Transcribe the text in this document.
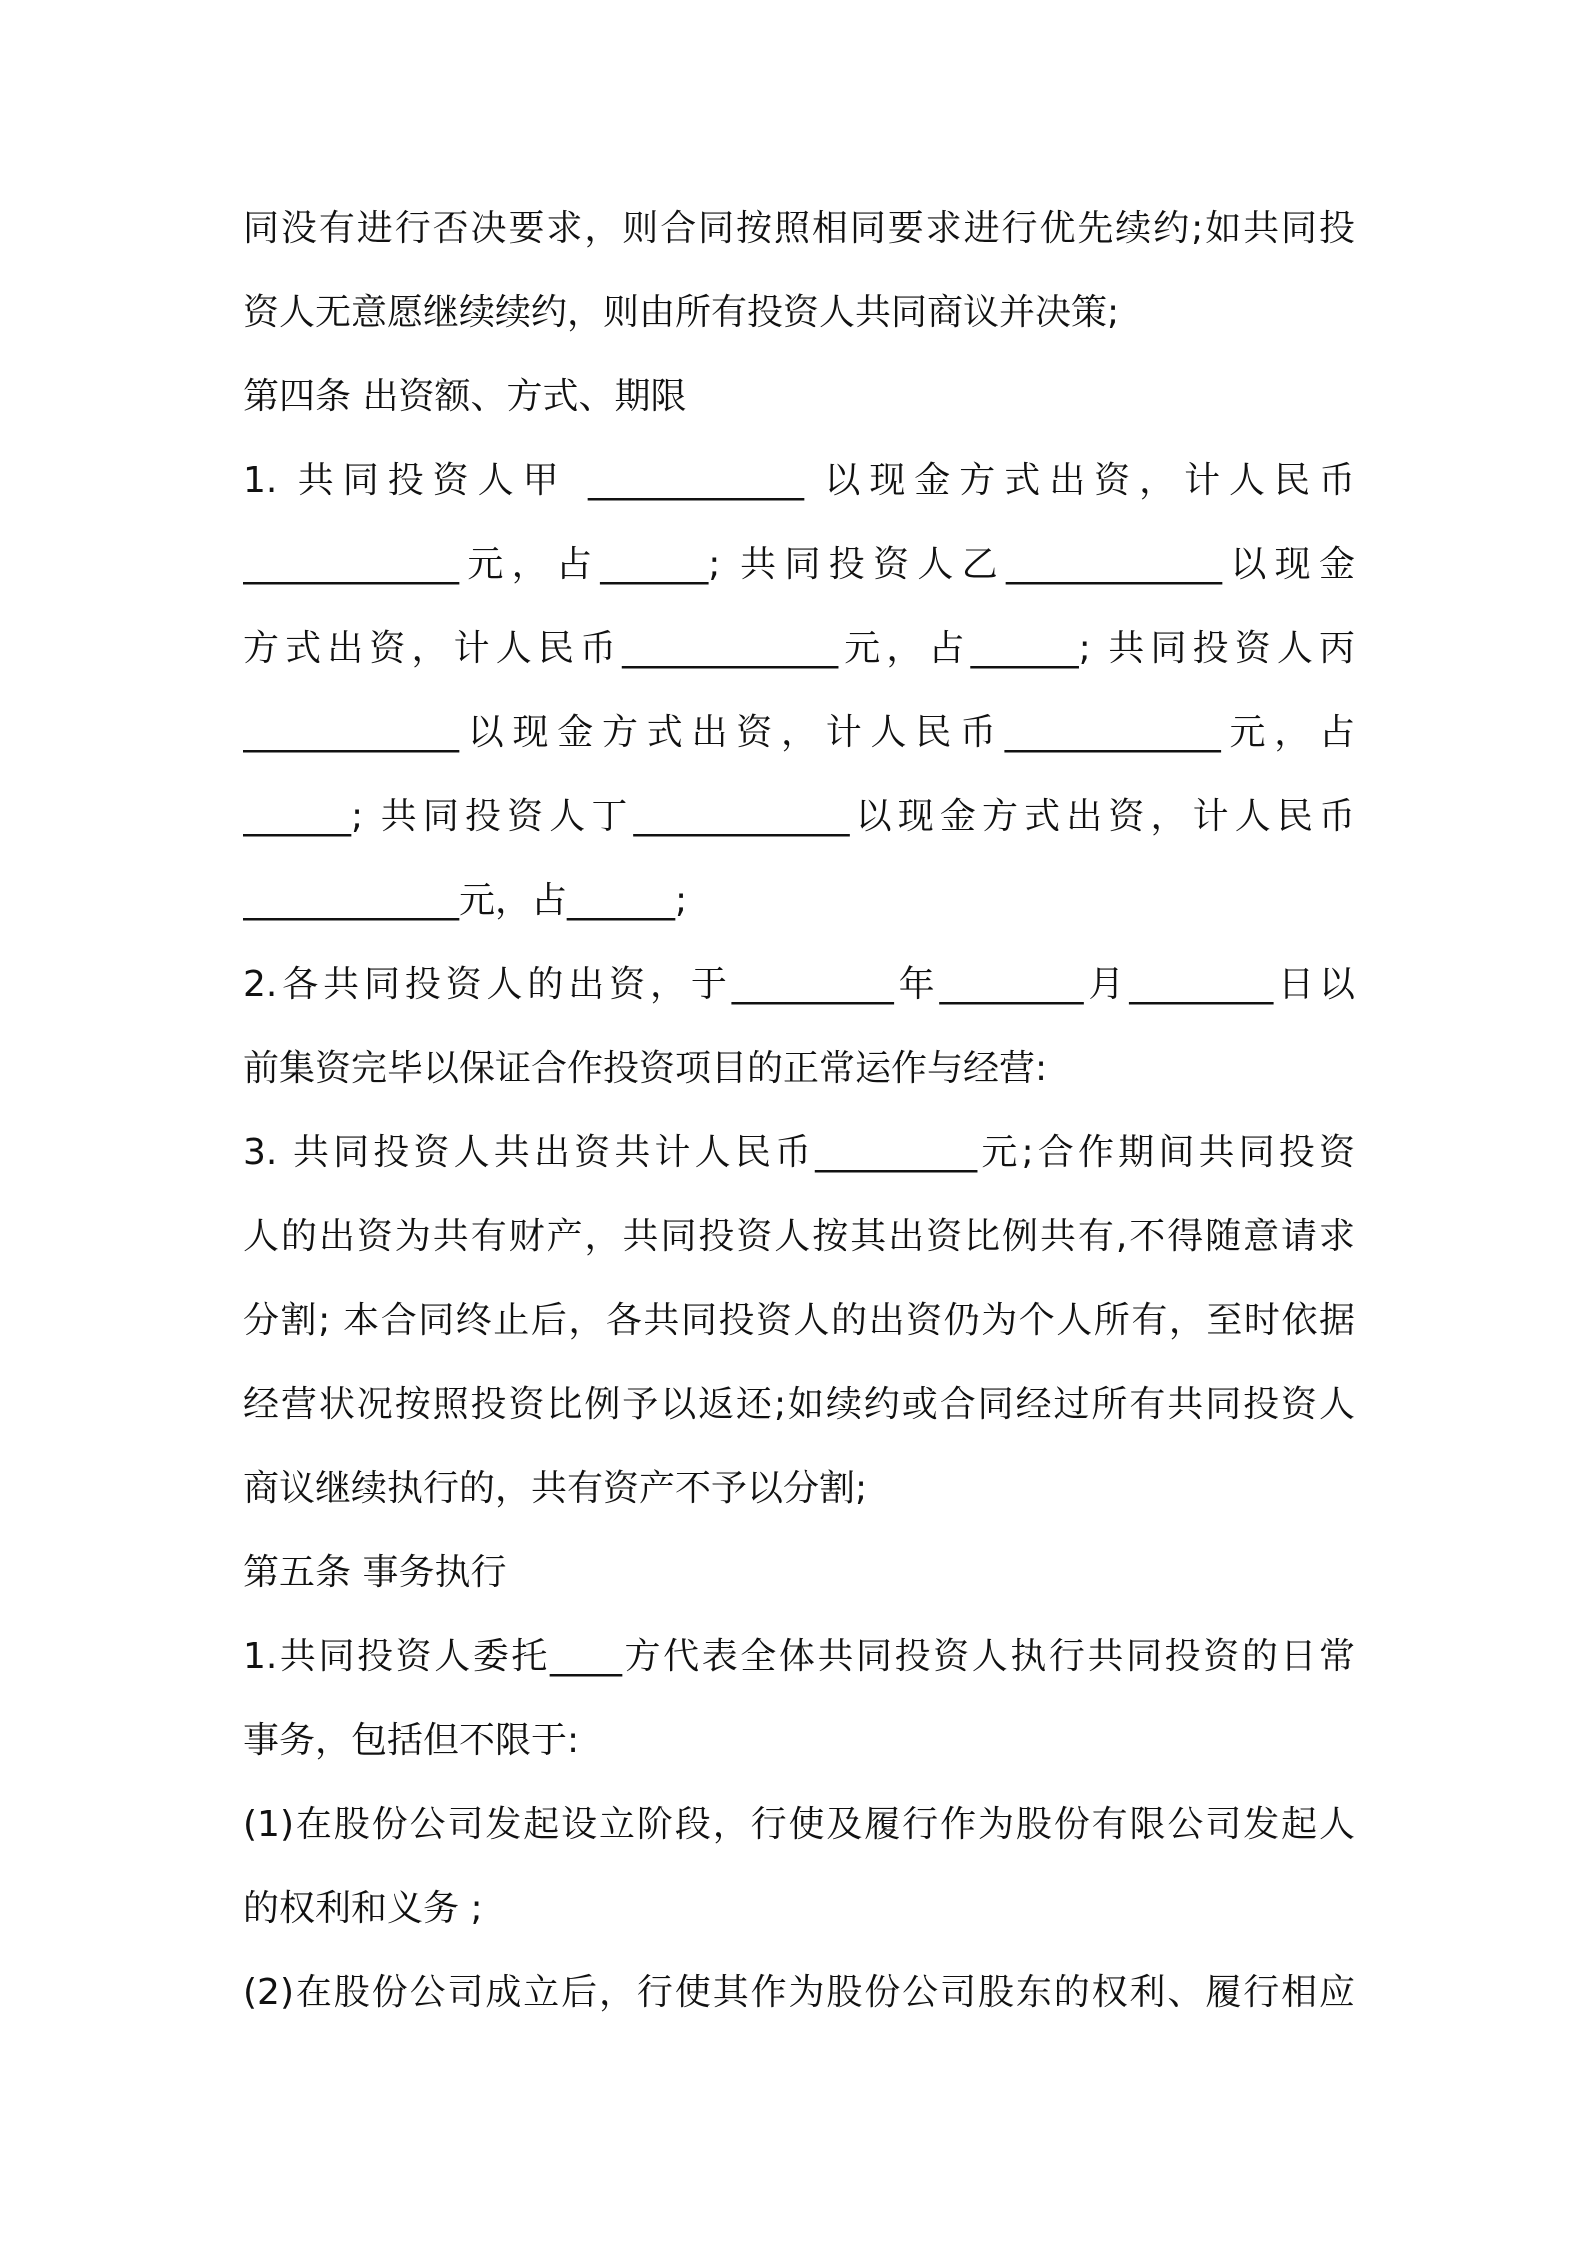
同没有进行否决要求，则合同按照相同要求进行优先续约;如共同投
资人无意愿继续续约，则由所有投资人共同商议并决策;
第四条 出资额、方式、期限
1. 共同投资人甲 ____________ 以现金方式出资，计人民币
____________元，占______; 共同投资人乙____________以现金
方式出资，计人民币____________元，占______; 共同投资人丙
____________以现金方式出资，计人民币____________元，占
______; 共同投资人丁____________以现金方式出资，计人民币
____________元，占______;
2.各共同投资人的出资，于_________年________月________日以
前集资完毕以保证合作投资项目的正常运作与经营:
3. 共同投资人共出资共计人民币_________元;合作期间共同投资
人的出资为共有财产，共同投资人按其出资比例共有,不得随意请求
分割; 本合同终止后，各共同投资人的出资仍为个人所有，至时依据
经营状况按照投资比例予以返还;如续约或合同经过所有共同投资人
商议继续执行的，共有资产不予以分割;
第五条 事务执行
1.共同投资人委托____方代表全体共同投资人执行共同投资的日常
事务，包括但不限于:
(1)在股份公司发起设立阶段，行使及履行作为股份有限公司发起人
的权利和义务 ;
(2)在股份公司成立后，行使其作为股份公司股东的权利、履行相应
